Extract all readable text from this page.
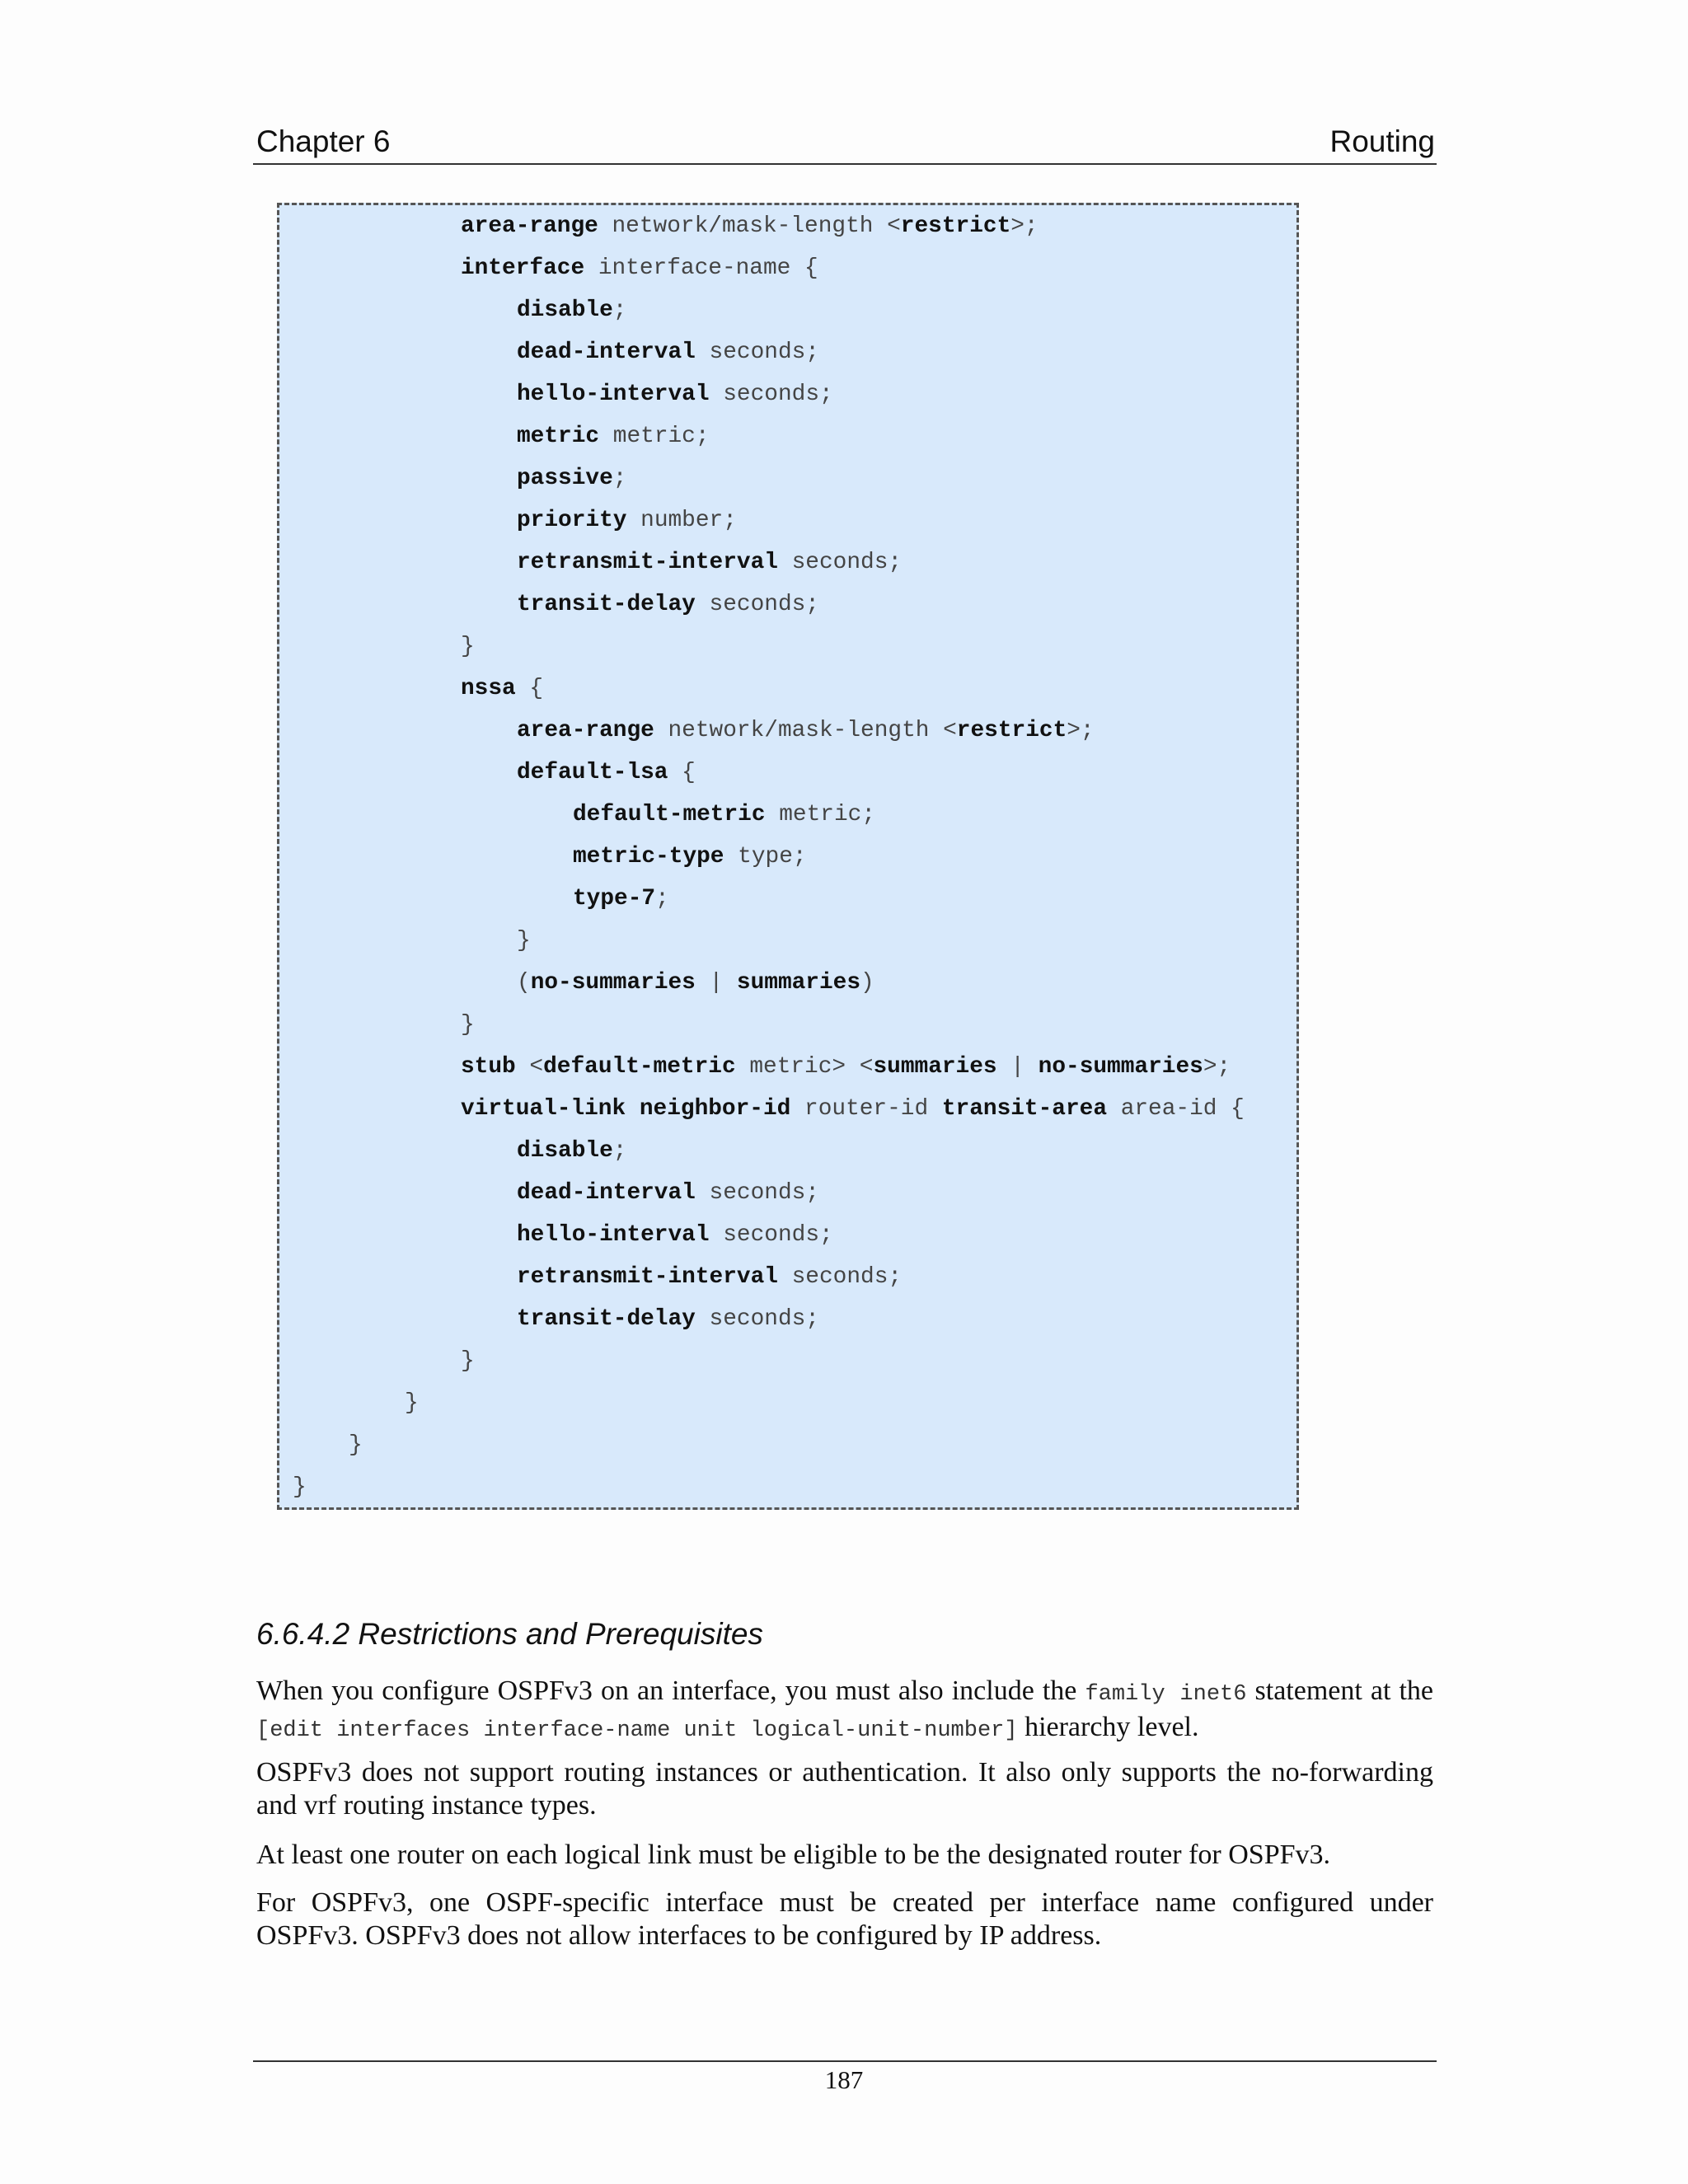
Chapter 6	Routing
area-range network/mask-length <restrict>;
interface interface-name {
disable;
dead-interval seconds;
hello-interval seconds;
metric metric;
passive;
priority number;
retransmit-interval seconds;
transit-delay seconds;
}
nssa {
area-range network/mask-length <restrict>;
default-lsa {
default-metric metric;
metric-type type;
type-7;
}
(no-summaries | summaries)
}
stub <default-metric metric> <summaries | no-summaries>;
virtual-link neighbor-id router-id transit-area area-id {
disable;
dead-interval seconds;
hello-interval seconds;
retransmit-interval seconds;
transit-delay seconds;
}
}
}
}
6.6.4.2 Restrictions and Prerequisites

When you configure OSPFv3 on an interface, you must also include the family inet6 statement at the [edit interfaces interface-name unit logical-unit-number] hierarchy level.

OSPFv3 does not support routing instances or authentication. It also only supports the no-forwarding and vrf routing instance types.

At least one router on each logical link must be eligible to be the designated router for OSPFv3.

For OSPFv3, one OSPF-specific interface must be created per interface name configured under OSPFv3. OSPFv3 does not allow interfaces to be configured by IP address.

187
